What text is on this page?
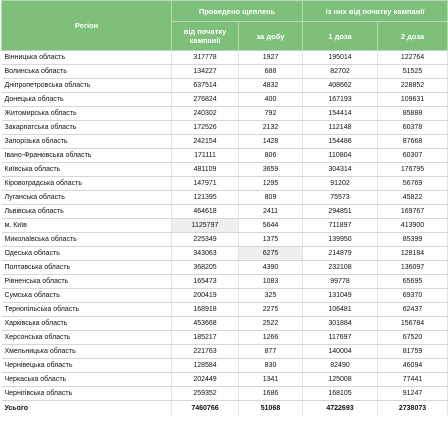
Регіон	Проведено щеплень		із них від початку кампанії	
	від початку кампанії	за добу	1 доза	2 доза
Вінницька область	317778	1927	195014	122764
Волинська область	134227	688	82702	51525
Дніпропетровська область	637514	4832	408662	228852
Донецька область	276824	400	167193	109631
Житомирська область	240302	792	154414	85888
Закарпатська область	172526	2132	112148	60378
Запорізька область	242154	1428	154486	87668
Івано-Франківська область	171111	806	110804	60307
Київська область	481109	3659	304314	176795
Кіровоградська область	147971	1295	91202	56769
Луганська область	121395	809	75573	45822
Львівська область	464618	2411	294851	169767
м. Київ	1125797	5644	711897	413900
Миколаївська область	225349	1375	139950	85399
Одеська область	343063	6275	214879	128184
Полтавська область	368205	4390	232108	136097
Рівненська область	165473	1083	99778	65695
Сумська область	200419	325	131049	69370
Тернопільська область	168918	2275	106481	62437
Харківська область	453668	2522	301884	156784
Херсонська область	185217	1266	117697	67520
Хмельницька область	221763	877	140004	81759
Чернівецька область	128584	830	82490	46094
Черкаська область	202449	1341	125008	77441
Чернігівська область	259352	1686	168105	91247
Усього	7460766	51068	4722693	2738073
